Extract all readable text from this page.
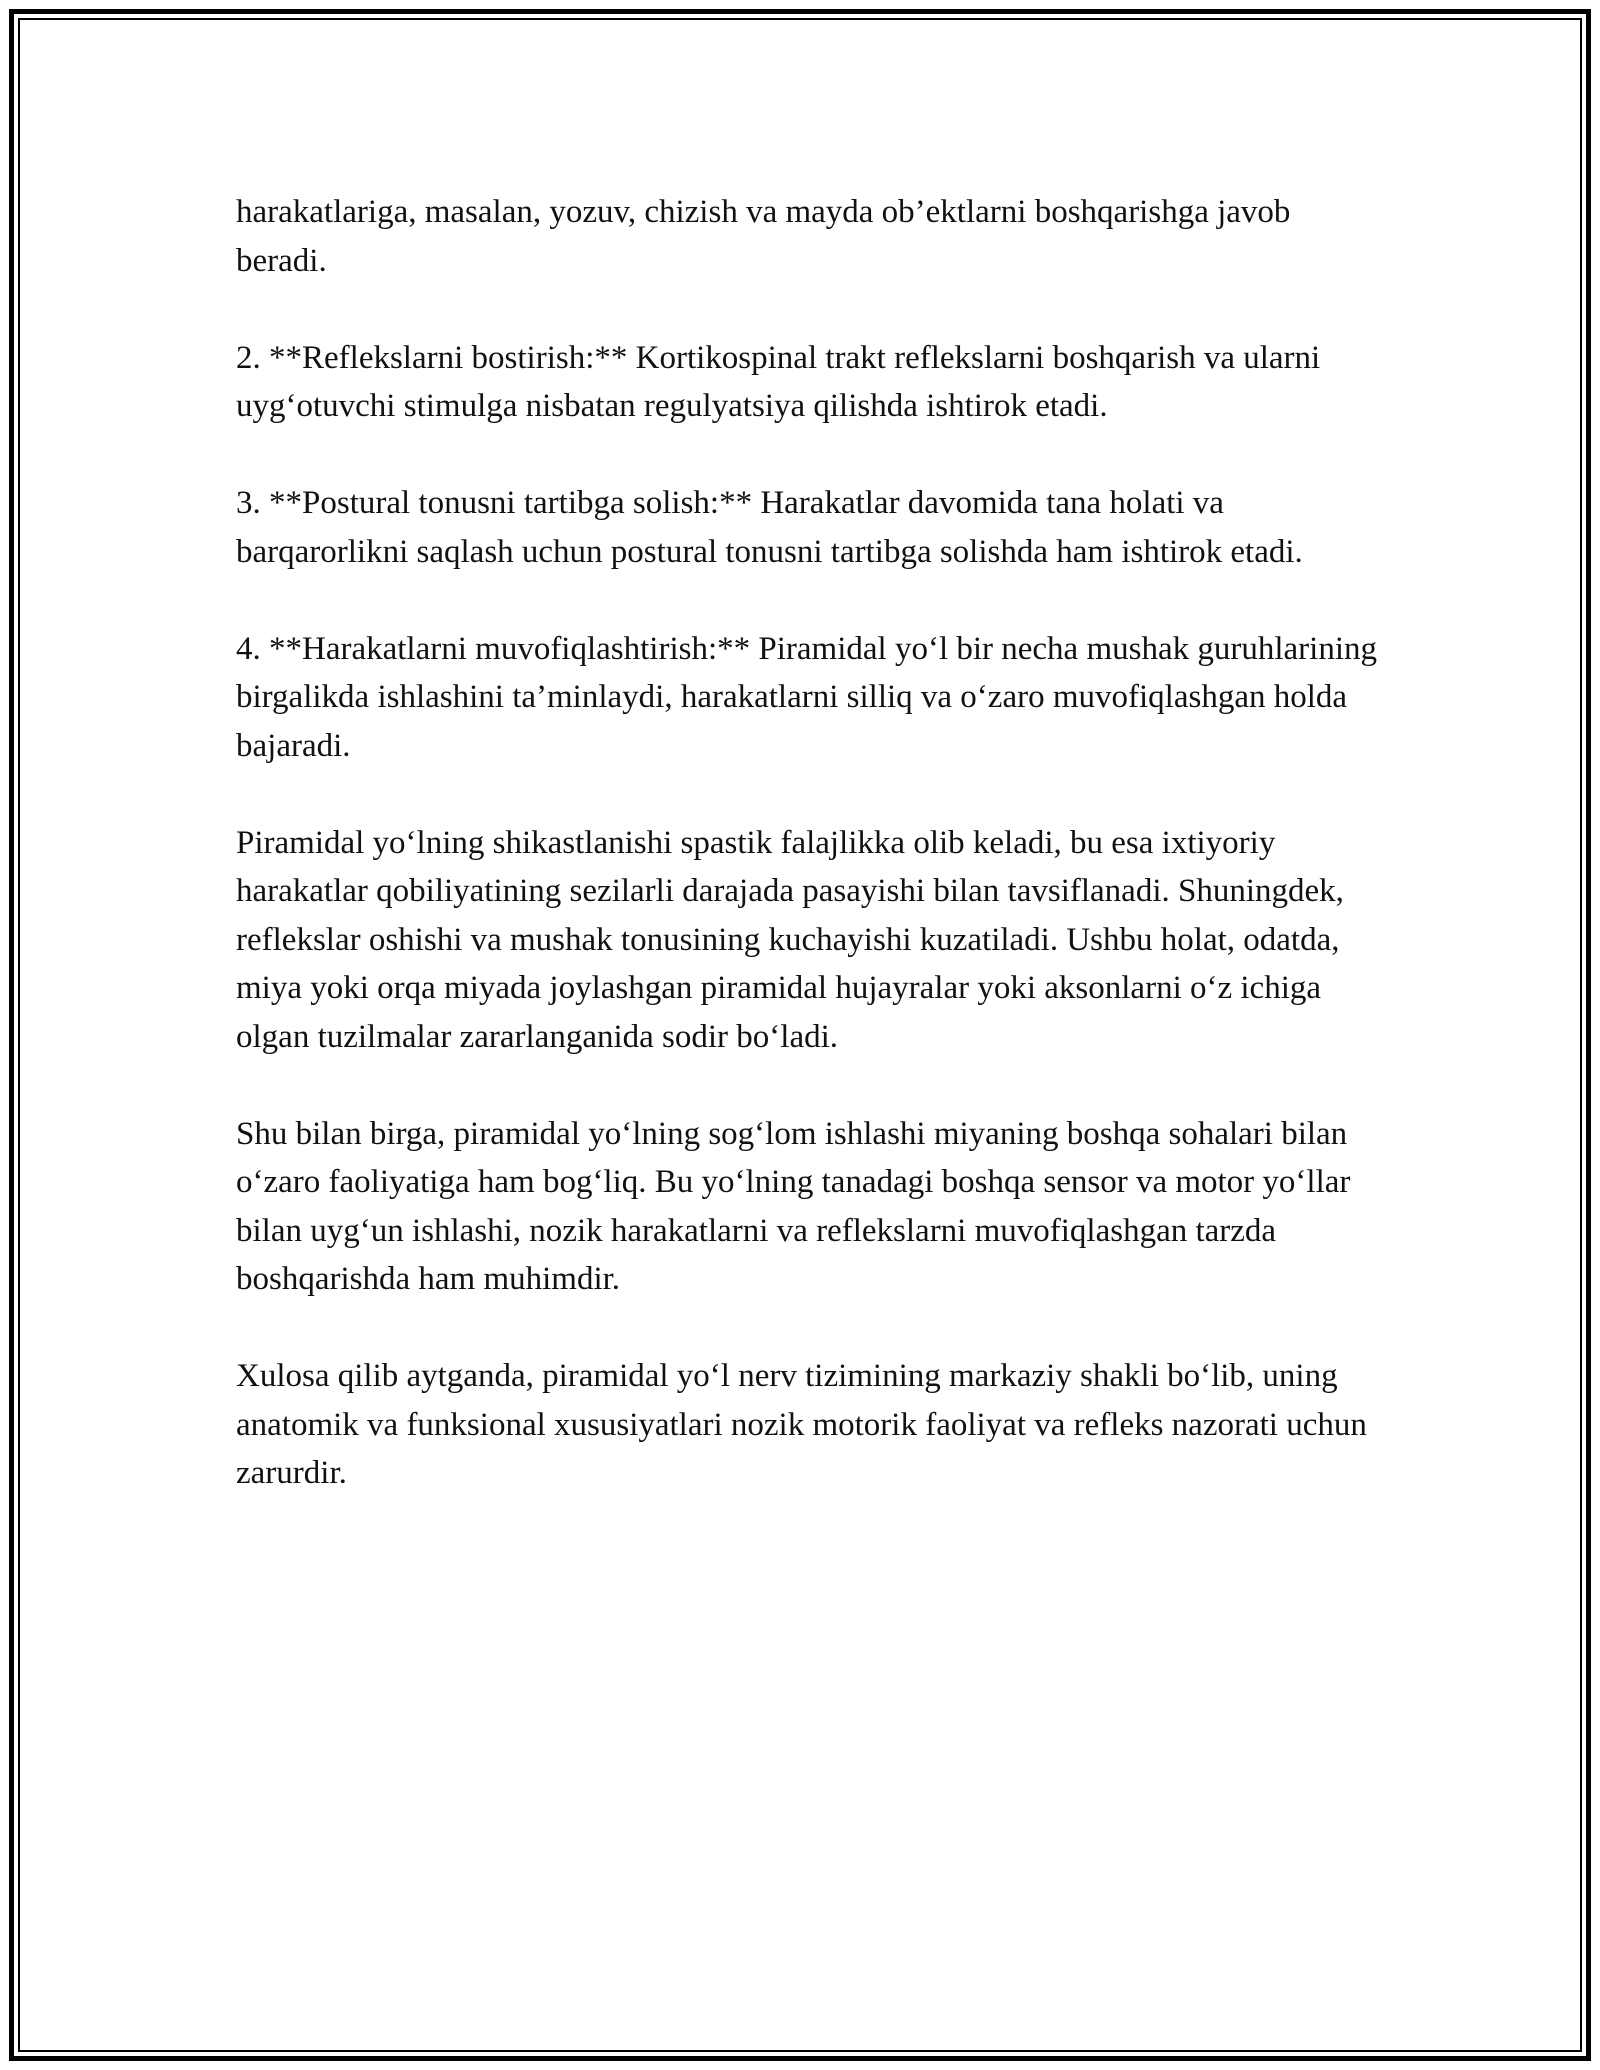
harakatlariga, masalan, yozuv, chizish va mayda ob’ektlarni boshqarishga javob beradi.

2. **Reflekslarni bostirish:** Kortikospinal trakt reflekslarni boshqarish va ularni uyg‘otuvchi stimulga nisbatan regulyatsiya qilishda ishtirok etadi.

3. **Postural tonusni tartibga solish:** Harakatlar davomida tana holati va barqarorlikni saqlash uchun postural tonusni tartibga solishda ham ishtirok etadi.

4. **Harakatlarni muvofiqlashtirish:** Piramidal yo‘l bir necha mushak guruhlarining birgalikda ishlashini ta’minlaydi, harakatlarni silliq va o‘zaro muvofiqlashgan holda bajaradi.

Piramidal yo‘lning shikastlanishi spastik falajlikka olib keladi, bu esa ixtiyoriy harakatlar qobiliyatining sezilarli darajada pasayishi bilan tavsiflanadi. Shuningdek, reflekslar oshishi va mushak tonusining kuchayishi kuzatiladi. Ushbu holat, odatda, miya yoki orqa miyada joylashgan piramidal hujayralar yoki aksonlarni o‘z ichiga olgan tuzilmalar zararlanganida sodir bo‘ladi.

Shu bilan birga, piramidal yo‘lning sog‘lom ishlashi miyaning boshqa sohalari bilan o‘zaro faoliyatiga ham bog‘liq. Bu yo‘lning tanadagi boshqa sensor va motor yo‘llar bilan uyg‘un ishlashi, nozik harakatlarni va reflekslarni muvofiqlashgan tarzda boshqarishda ham muhimdir.

Xulosa qilib aytganda, piramidal yo‘l nerv tizimining markaziy shakli bo‘lib, uning anatomik va funksional xususiyatlari nozik motorik faoliyat va refleks nazorati uchun zarurdir.
